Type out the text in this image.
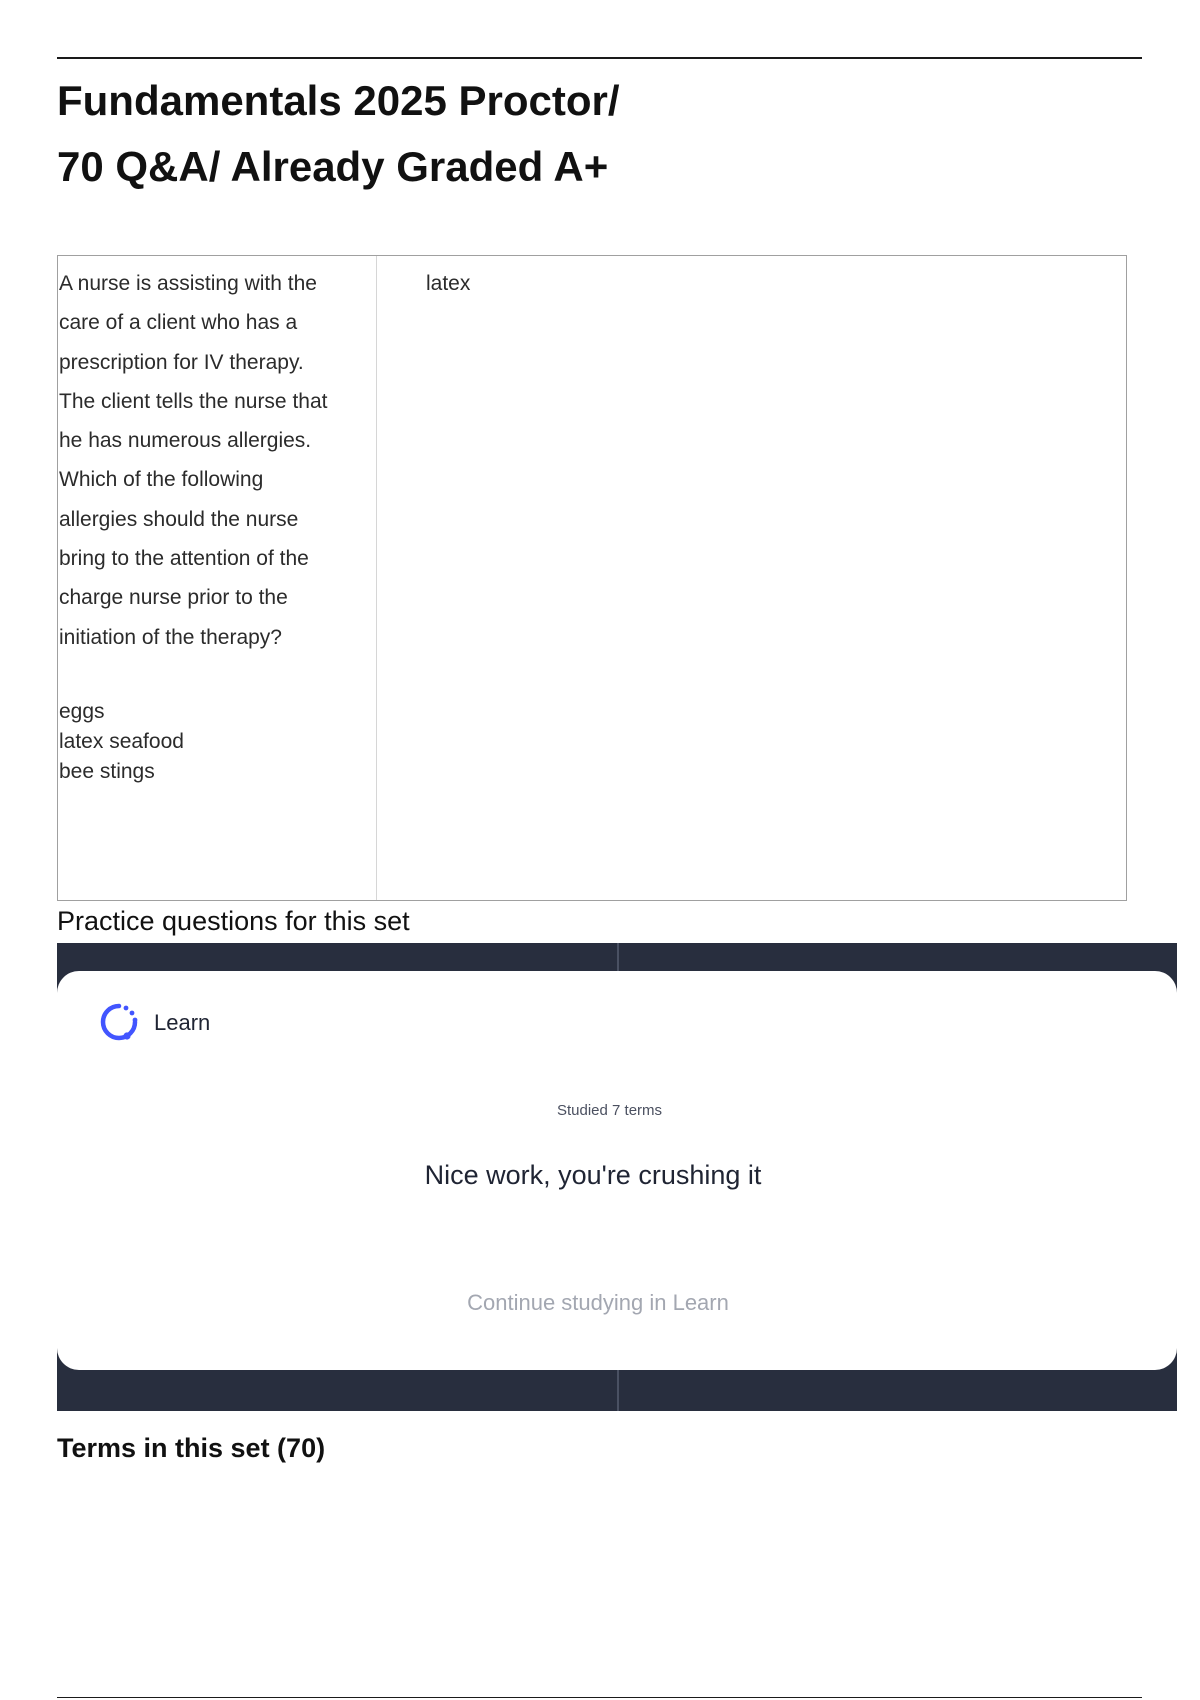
Fundamentals 2025 Proctor/
70 Q&A/ Already Graded A+
A nurse is assisting with the
care of a client who has a
prescription for IV therapy.
The client tells the nurse that
he has numerous allergies.
Which of the following
allergies should the nurse
bring to the attention of the
charge nurse prior to the
initiation of the therapy?
eggs
latex seafood
bee stings
latex
Practice questions for this set
Learn
Studied 7 terms
Nice work, you're crushing it
Continue studying in Learn
Terms in this set (70)
